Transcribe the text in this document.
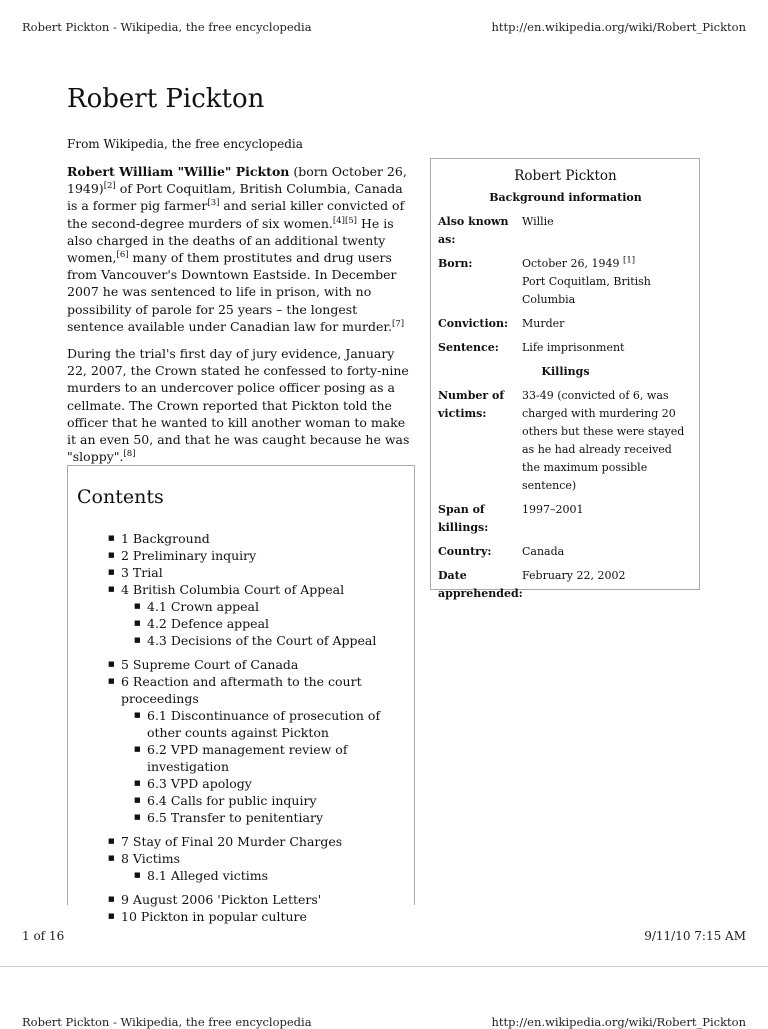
Robert Pickton - Wikipedia, the free encyclopedia	http://en.wikipedia.org/wiki/Robert_Pickton
Robert Pickton
From Wikipedia, the free encyclopedia

Robert William "Willie" Pickton (born October 26, 1949)[2] of Port Coquitlam, British Columbia, Canada is a former pig farmer[3] and serial killer convicted of the second-degree murders of six women.[4][5] He is also charged in the deaths of an additional twenty women,[6] many of them prostitutes and drug users from Vancouver's Downtown Eastside. In December 2007 he was sentenced to life in prison, with no possibility of parole for 25 years – the longest sentence available under Canadian law for murder.[7]

During the trial's first day of jury evidence, January 22, 2007, the Crown stated he confessed to forty-nine murders to an undercover police officer posing as a cellmate. The Crown reported that Pickton told the officer that he wanted to kill another woman to make it an even 50, and that he was caught because he was "sloppy".[8]

Contents
■ 1 Background
■ 2 Preliminary inquiry
■ 3 Trial
■ 4 British Columbia Court of Appeal
■ 4.1 Crown appeal
■ 4.2 Defence appeal
■ 4.3 Decisions of the Court of Appeal
■ 5 Supreme Court of Canada
■ 6 Reaction and aftermath to the court proceedings
■ 6.1 Discontinuance of prosecution of other counts against Pickton
■ 6.2 VPD management review of investigation
■ 6.3 VPD apology
■ 6.4 Calls for public inquiry
■ 6.5 Transfer to penitentiary
■ 7 Stay of Final 20 Murder Charges
■ 8 Victims
■ 8.1 Alleged victims
■ 9 August 2006 'Pickton Letters'
■ 10 Pickton in popular culture
Robert Pickton
Background information
Also known as:
Willie
Born:	October 26, 1949 [1]
Port Coquitlam, British Columbia
Conviction:	Murder
Sentence:	Life imprisonment
Killings
Number of victims:
33-49 (convicted of 6, was charged with murdering 20 others but these were stayed as he had already received the maximum possible sentence)
Span of killings:
1997–2001
Country:	Canada
Date apprehended:
February 22, 2002
1 of 16	9/11/10 7:15 AM
Robert Pickton - Wikipedia, the free encyclopedia	http://en.wikipedia.org/wiki/Robert_Pickton
